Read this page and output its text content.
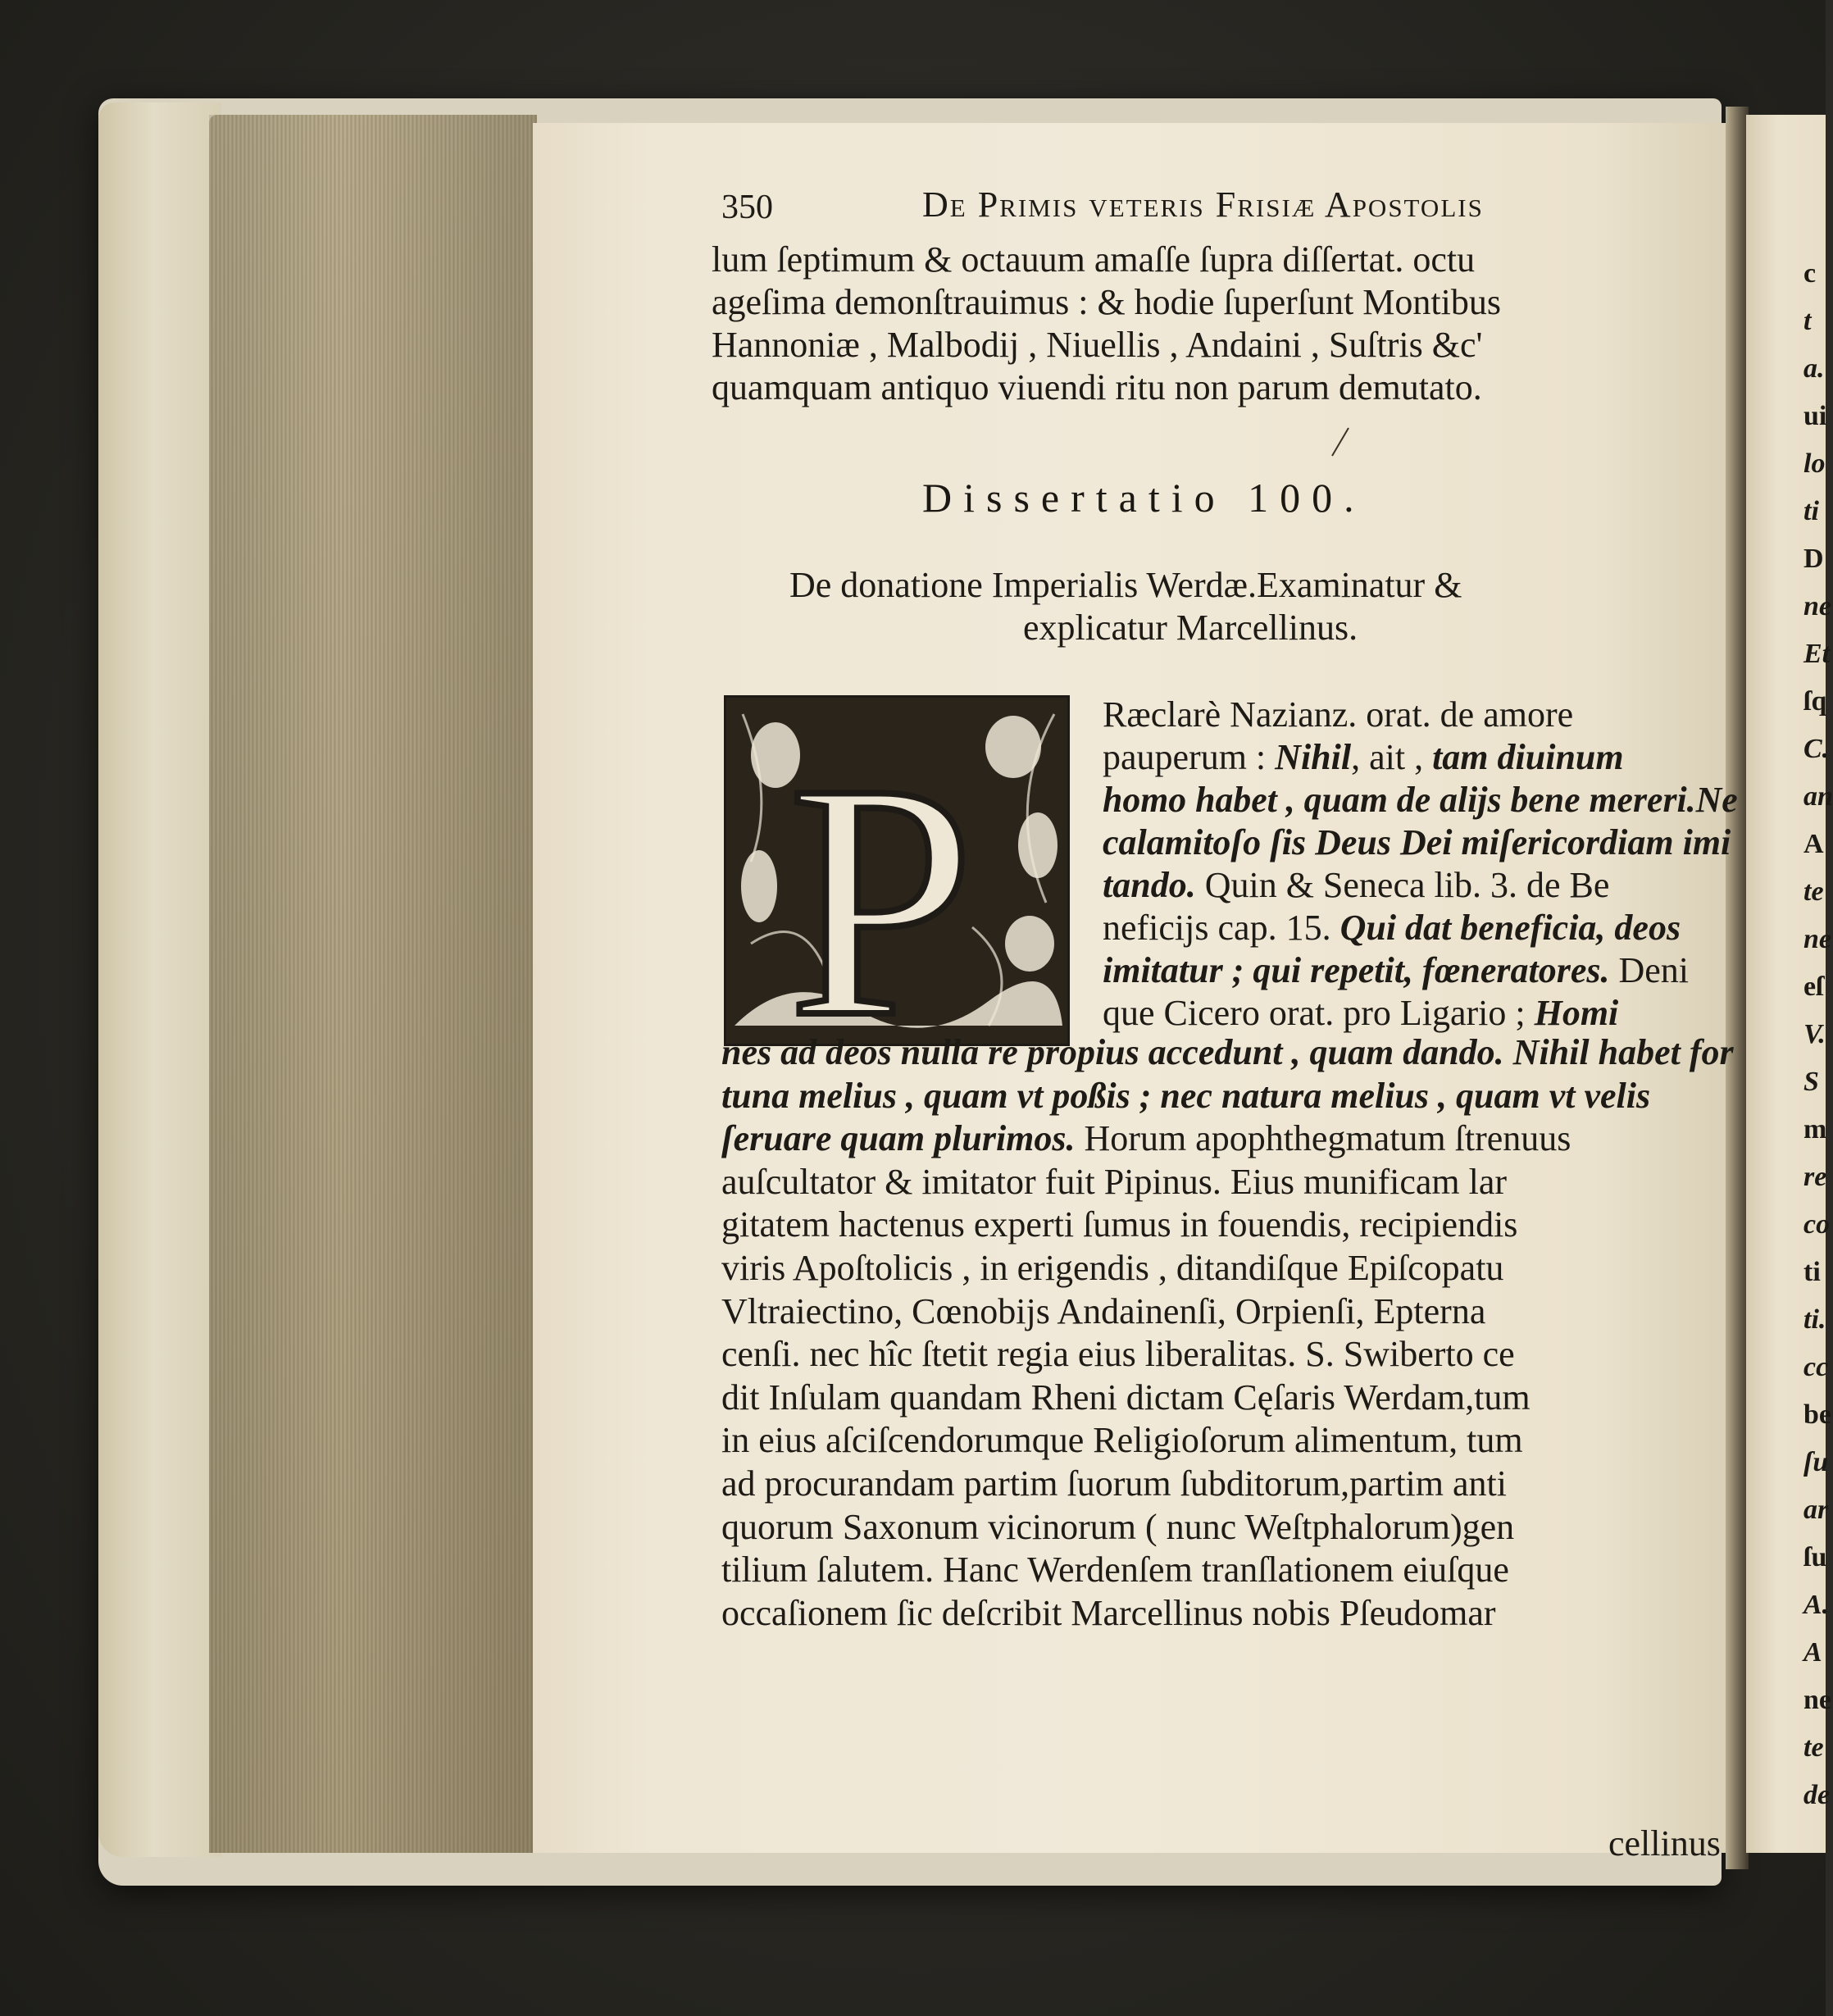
c
t
a.
ui
lo
ti
D
ne
Et
ſq
C.
an
A
te
ne
eſ
V.
S
m
re
co
ti
ti.
cc
be
ſu
ar
ſu
A.
A
ne
te
de
350	De Primis veteris Frisiæ Apostolis
lum ſeptimum & octauum amaſſe ſupra diſſertat. octu
ageſima demonſtrauimus : & hodie ſuperſunt Montibus
Hannoniæ , Malbodij , Niuellis , Andaini , Suſtris &c'
quamquam antiquo viuendi ritu non parum demutato.
Dissertatio 100.
De donatione Imperialis Werdæ.Examinatur &
explicatur Marcellinus.
P	Ræclarè Nazianz. orat. de amore
pauperum : Nihil, ait , tam diuinum
homo habet , quam de alijs bene mereri.Ne
calamitoſo ſis Deus Dei miſericordiam imi
tando. Quin & Seneca lib. 3. de Be
neficijs cap. 15. Qui dat beneficia, deos
imitatur ; qui repetit, fœneratores. Deni
que Cicero orat. pro Ligario ; Homi
nes ad deos nulla re propius accedunt , quam dando. Nihil habet for
tuna melius , quam vt poßis ; nec natura melius , quam vt velis
ſeruare quam plurimos. Horum apophthegmatum ſtrenuus
auſcultator & imitator fuit Pipinus. Eius munificam lar
gitatem hactenus experti ſumus in fouendis, recipiendis
viris Apoſtolicis , in erigendis , ditandiſque Epiſcopatu
Vltraiectino, Cœnobijs Andainenſi, Orpienſi, Epterna
cenſi. nec hîc ſtetit regia eius liberalitas. S. Swiberto ce
dit Inſulam quandam Rheni dictam Cęſaris Werdam,tum
in eius aſciſcendorumque Religioſorum alimentum, tum
ad procurandam partim ſuorum ſubditorum,partim anti
quorum Saxonum vicinorum ( nunc Weſtphalorum)gen
tilium ſalutem. Hanc Werdenſem tranſlationem eiuſque
occaſionem ſic deſcribit Marcellinus nobis Pſeudomar
cellinus
